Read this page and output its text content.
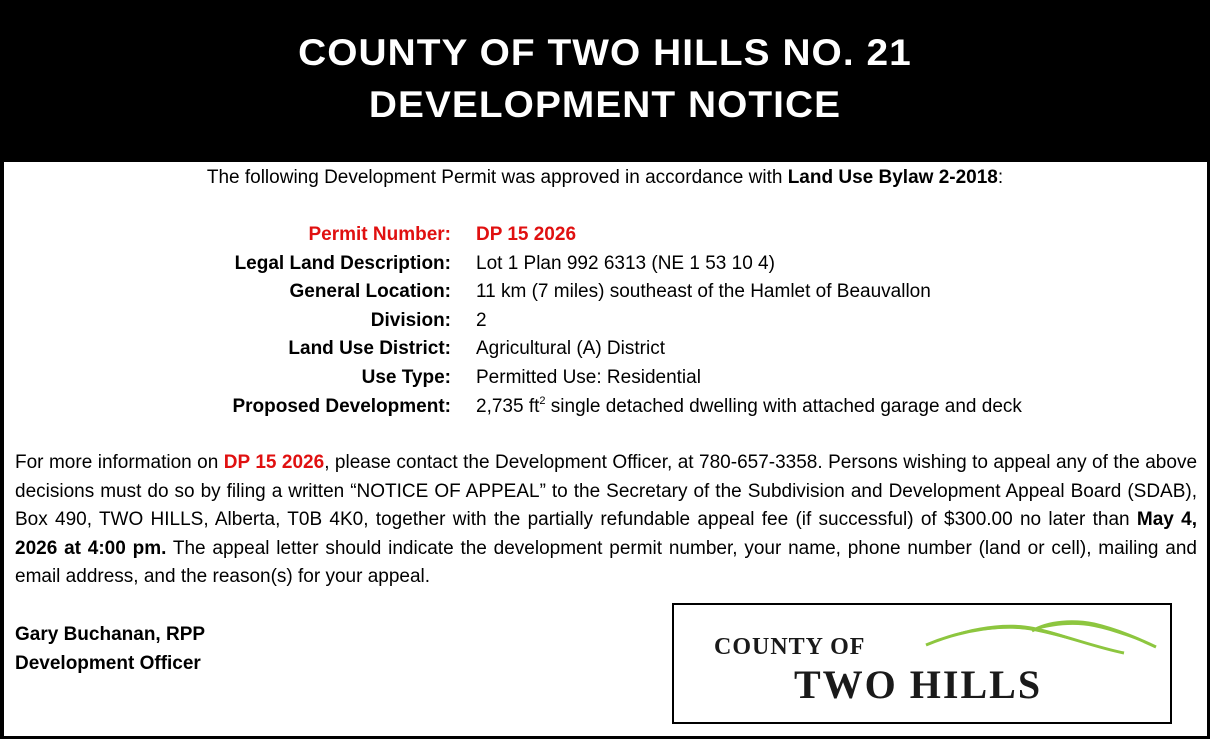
COUNTY OF TWO HILLS NO. 21
DEVELOPMENT NOTICE
The following Development Permit was approved in accordance with Land Use Bylaw 2-2018:
Permit Number: DP 15 2026
Legal Land Description: Lot 1 Plan 992 6313 (NE 1 53 10 4)
General Location: 11 km (7 miles) southeast of the Hamlet of Beauvallon
Division: 2
Land Use District: Agricultural (A) District
Use Type: Permitted Use: Residential
Proposed Development: 2,735 $ft^2$ single detached dwelling with attached garage and deck
For more information on DP 15 2026, please contact the Development Officer, at 780-657-3358. Persons wishing to appeal any of the above decisions must do so by filing a written “NOTICE OF APPEAL” to the Secretary of the Subdivision and Development Appeal Board (SDAB), Box 490, TWO HILLS, Alberta, T0B 4K0, together with the partially refundable appeal fee (if successful) of $300.00 no later than May 4, 2026 at 4:00 pm. The appeal letter should indicate the development permit number, your name, phone number (land or cell), mailing and email address, and the reason(s) for your appeal.
Gary Buchanan, RPP
Development Officer
COUNTY OF
TWO HILLS
